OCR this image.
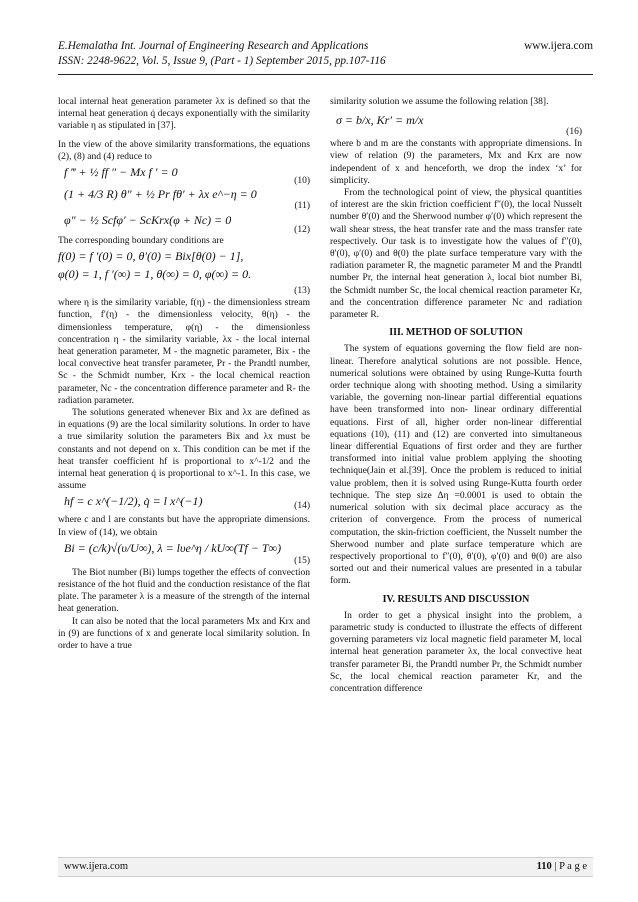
E.Hemalatha Int. Journal of Engineering Research and Applications	www.ijera.com
ISSN: 2248-9622, Vol. 5, Issue 9, (Part - 1) September 2015, pp.107-116

local internal heat generation parameter λx is defined so that the internal heat generation q̇ decays exponentially with the similarity variable η as stipulated in [37].

In the view of the above similarity transformations, the equations (2), (8) and (4) reduce to

f ‴ + ½ ff ″ − Mx f ′ = 0
(10)
(1 + 4/3 R) θ″ + ½ Pr fθ′ + λx e^−η = 0
(11)
φ″ − ½ Scfφ′ − ScKrx(φ + Nc) = 0
(12)

The corresponding boundary conditions are

f(0) = f ′(0) = 0, θ′(0) = Bix[θ(0) − 1],
φ(0) = 1, f ′(∞) = 1, θ(∞) = 0, φ(∞) = 0.
(13)

where η is the similarity variable, f(η) - the dimensionless stream function, f′(η) - the dimensionless velocity, θ(η) - the dimensionless temperature, φ(η) - the dimensionless concentration η - the similarity variable, λx - the local internal heat generation parameter, M - the magnetic parameter, Bix - the local convective heat transfer parameter, Pr - the Prandtl number, Sc - the Schmidt number, Krx - the local chemical reaction parameter, Nc - the concentration difference parameter and R- the radiation parameter.

The solutions generated whenever Bix and λx are defined as in equations (9) are the local similarity solutions. In order to have a true similarity solution the parameters Bix and λx must be constants and not depend on x. This condition can be met if the heat transfer coefficient hf is proportional to x^-1/2 and the internal heat generation q̇ is proportional to x^-1. In this case, we assume

hf = c x^(−1/2), q̇ = l x^(−1)	(14)

where c and l are constants but have the appropriate dimensions. In view of (14), we obtain

Bi = (c/k)√(υ/U∞), λ = lυe^η / kU∞(Tf − T∞)
(15)

The Biot number (Bi) lumps together the effects of convection resistance of the hot fluid and the conduction resistance of the flat plate. The parameter λ is a measure of the strength of the internal heat generation.

It can also be noted that the local parameters Mx and Krx and in (9) are functions of x and generate local similarity solution. In order to have a true

similarity solution we assume the following relation [38].

σ = b/x, Kr′ = m/x
(16)

where b and m are the constants with appropriate dimensions. In view of relation (9) the parameters, Mx and Krx are now independent of x and henceforth, we drop the index ‘x’ for simplicity.

From the technological point of view, the physical quantities of interest are the skin friction coefficient f″(0), the local Nusselt number θ′(0) and the Sherwood number φ′(0) which represent the wall shear stress, the heat transfer rate and the mass transfer rate respectively. Our task is to investigate how the values of f″(0), θ′(0), φ′(0) and θ(0) the plate surface temperature vary with the radiation parameter R, the magnetic parameter M and the Prandtl number Pr, the internal heat generation λ, local biot number Bi, the Schmidt number Sc, the local chemical reaction parameter Kr, and the concentration difference parameter Nc and radiation parameter R.

III. METHOD OF SOLUTION

The system of equations governing the flow field are non-linear. Therefore analytical solutions are not possible. Hence, numerical solutions were obtained by using Runge-Kutta fourth order technique along with shooting method. Using a similarity variable, the governing non-linear partial differential equations have been transformed into non- linear ordinary differential equations. First of all, higher order non-linear differential equations (10), (11) and (12) are converted into simultaneous linear differential Equations of first order and they are further transformed into initial value problem applying the shooting technique(Jain et al.[39]. Once the problem is reduced to initial value problem, then it is solved using Runge-Kutta fourth order technique. The step size Δη =0.0001 is used to obtain the numerical solution with six decimal place accuracy as the criterion of convergence. From the process of numerical computation, the skin-friction coefficient, the Nusselt number the Sherwood number and plate surface temperature which are respectively proportional to f″(0), θ′(0), φ′(0) and θ(0) are also sorted out and their numerical values are presented in a tabular form.

IV. RESULTS AND DISCUSSION

In order to get a physical insight into the problem, a parametric study is conducted to illustrate the effects of different governing parameters viz local magnetic field parameter M, local internal heat generation parameter λx, the local convective heat transfer parameter Bi, the Prandtl number Pr, the Schmidt number Sc, the local chemical reaction parameter Kr, and the concentration difference

www.ijera.com	110 | P a g e
